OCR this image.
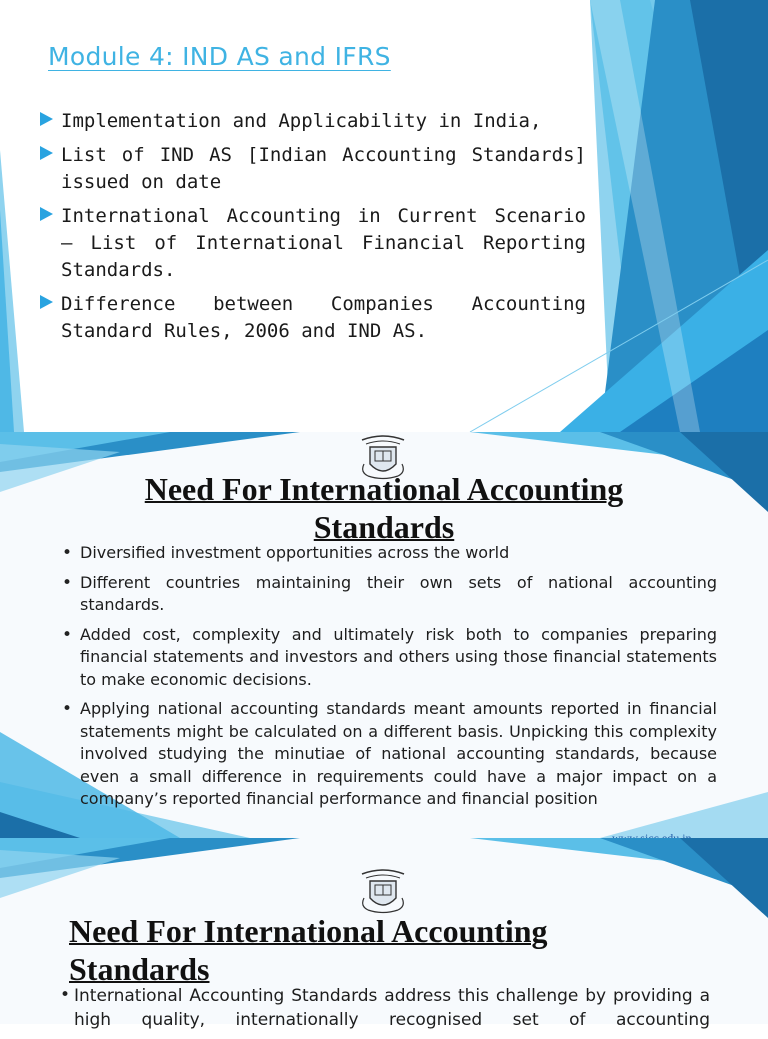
Module 4: IND AS and IFRS
Implementation and Applicability in India,
List of IND AS [Indian Accounting Standards] issued on date
International Accounting in Current Scenario – List of International Financial Reporting Standards.
Difference between Companies Accounting Standard Rules, 2006 and IND AS.
Need For International Accounting Standards
• Diversified investment opportunities across the world
• Different countries maintaining their own sets of national accounting standards.
• Added cost, complexity and ultimately risk both to companies preparing financial statements and investors and others using those financial statements to make economic decisions.
• Applying national accounting standards meant amounts reported in financial statements might be calculated on a different basis. Unpicking this complexity involved studying the minutiae of national accounting standards, because even a small difference in requirements could have a major impact on a company’s reported financial performance and financial position
Need For International Accounting Standards
• International Accounting Standards address this challenge by providing a high quality, internationally recognised set of accounting
